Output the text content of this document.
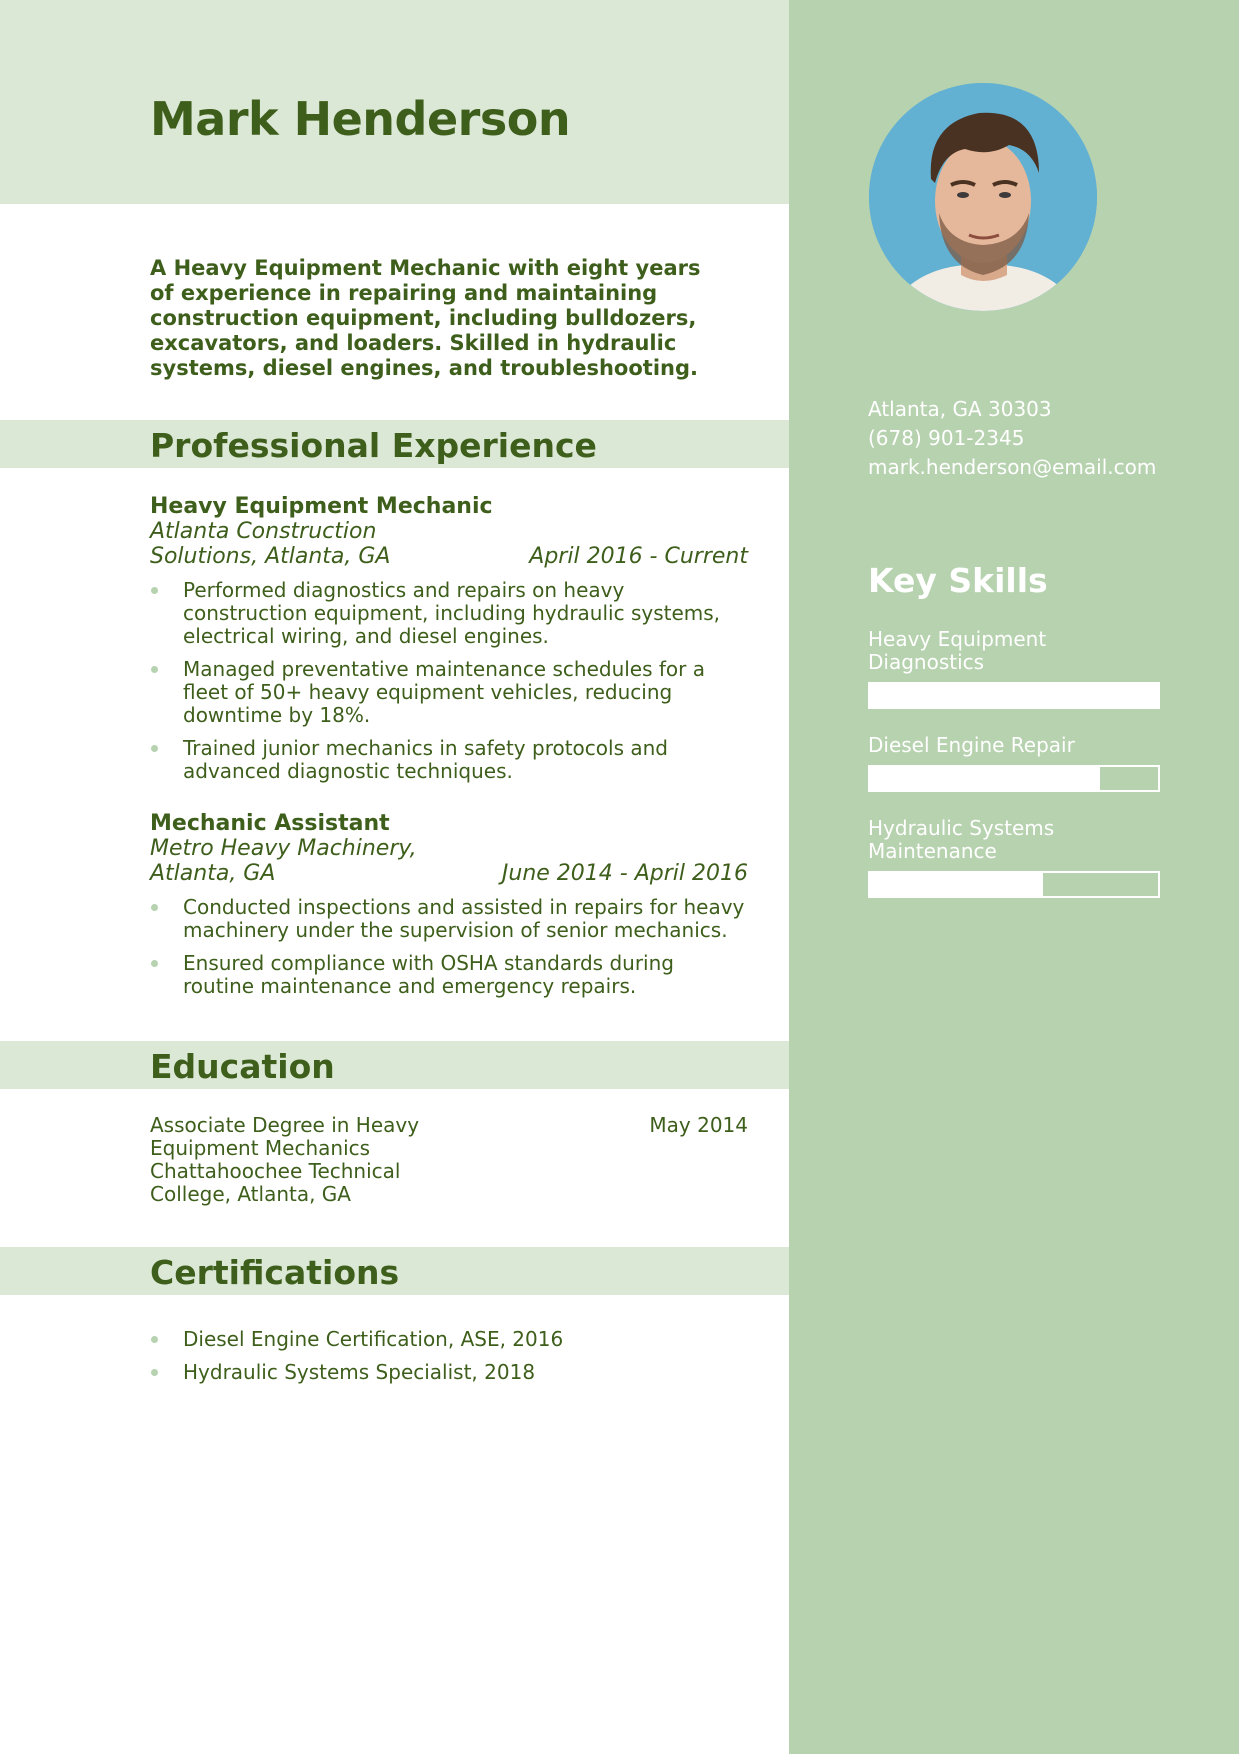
Mark Henderson
A Heavy Equipment Mechanic with eight years of experience in repairing and maintaining construction equipment, including bulldozers, excavators, and loaders. Skilled in hydraulic systems, diesel engines, and troubleshooting.
Professional Experience
Heavy Equipment Mechanic
Atlanta Construction Solutions, Atlanta, GA	April 2016 - Current
Performed diagnostics and repairs on heavy construction equipment, including hydraulic systems, electrical wiring, and diesel engines.
Managed preventative maintenance schedules for a fleet of 50+ heavy equipment vehicles, reducing downtime by 18%.
Trained junior mechanics in safety protocols and advanced diagnostic techniques.
Mechanic Assistant
Metro Heavy Machinery, Atlanta, GA	June 2014 - April 2016
Conducted inspections and assisted in repairs for heavy machinery under the supervision of senior mechanics.
Ensured compliance with OSHA standards during routine maintenance and emergency repairs.
Education
Associate Degree in Heavy Equipment Mechanics
Chattahoochee Technical College, Atlanta, GA
May 2014
Certifications
Diesel Engine Certification, ASE, 2016
Hydraulic Systems Specialist, 2018
Atlanta, GA 30303
(678) 901-2345
mark.henderson@email.com
Key Skills
Heavy Equipment Diagnostics
Diesel Engine Repair
Hydraulic Systems Maintenance
